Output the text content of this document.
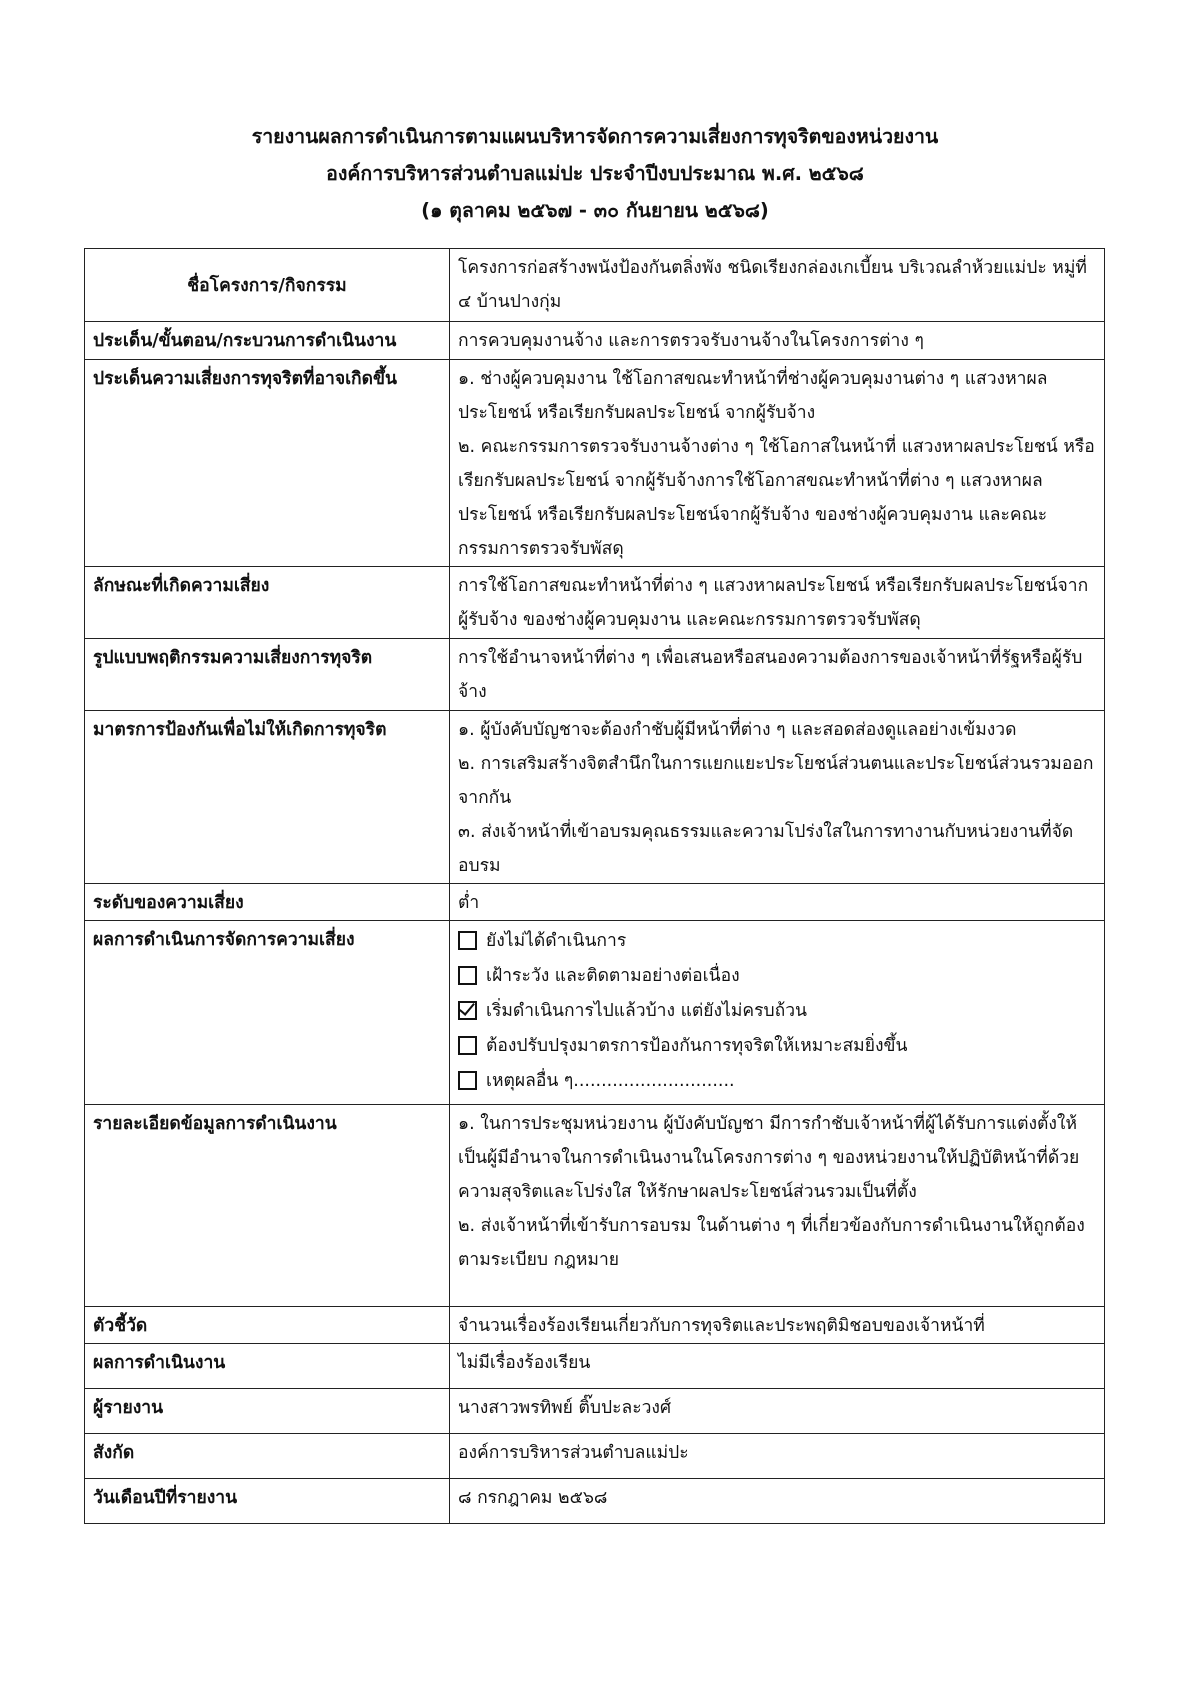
รายงานผลการดำเนินการตามแผนบริหารจัดการความเสี่ยงการทุจริตของหน่วยงาน

องค์การบริหารส่วนตำบลแม่ปะ ประจำปีงบประมาณ พ.ศ. ๒๕๖๘

(๑ ตุลาคม ๒๕๖๗ - ๓๐ กันยายน ๒๕๖๘)

ชื่อโครงการ/กิจกรรม	โครงการก่อสร้างพนังป้องกันตลิ่งพัง ชนิดเรียงกล่องเกเบี้ยน บริเวณลำห้วยแม่ปะ หมู่ที่ ๔ บ้านปางกุ่ม
ประเด็น/ขั้นตอน/กระบวนการดำเนินงาน	การควบคุมงานจ้าง และการตรวจรับงานจ้างในโครงการต่าง ๆ
ประเด็นความเสี่ยงการทุจริตที่อาจเกิดขึ้น	๑. ช่างผู้ควบคุมงาน ใช้โอกาสขณะทำหน้าที่ช่างผู้ควบคุมงานต่าง ๆ แสวงหาผลประโยชน์ หรือเรียกรับผลประโยชน์ จากผู้รับจ้าง
๒. คณะกรรมการตรวจรับงานจ้างต่าง ๆ ใช้โอกาสในหน้าที่ แสวงหาผลประโยชน์ หรือเรียกรับผลประโยชน์ จากผู้รับจ้างการใช้โอกาสขณะทำหน้าที่ต่าง ๆ แสวงหาผลประโยชน์ หรือเรียกรับผลประโยชน์จากผู้รับจ้าง ของช่างผู้ควบคุมงาน และคณะกรรมการตรวจรับพัสดุ

ลักษณะที่เกิดความเสี่ยง	การใช้โอกาสขณะทำหน้าที่ต่าง ๆ แสวงหาผลประโยชน์ หรือเรียกรับผลประโยชน์จากผู้รับจ้าง ของช่างผู้ควบคุมงาน และคณะกรรมการตรวจรับพัสดุ
รูปแบบพฤติกรรมความเสี่ยงการทุจริต	การใช้อำนาจหน้าที่ต่าง ๆ เพื่อเสนอหรือสนองความต้องการของเจ้าหน้าที่รัฐหรือผู้รับจ้าง
มาตรการป้องกันเพื่อไม่ให้เกิดการทุจริต	๑. ผู้บังคับบัญชาจะต้องกำชับผู้มีหน้าที่ต่าง ๆ และสอดส่องดูแลอย่างเข้มงวด
๒. การเสริมสร้างจิตสำนึกในการแยกแยะประโยชน์ส่วนตนและประโยชน์ส่วนรวมออกจากกัน
๓. ส่งเจ้าหน้าที่เข้าอบรมคุณธรรมและความโปร่งใสในการทางานกับหน่วยงานที่จัดอบรม

ระดับของความเสี่ยง	ต่ำ
ผลการดำเนินการจัดการความเสี่ยง	ยังไม่ได้ดำเนินการ
เฝ้าระวัง และติดตามอย่างต่อเนื่อง
เริ่มดำเนินการไปแล้วบ้าง แต่ยังไม่ครบถ้วน
ต้องปรับปรุงมาตรการป้องกันการทุจริตให้เหมาะสมยิ่งขึ้น
เหตุผลอื่น ๆ.............................

รายละเอียดข้อมูลการดำเนินงาน	๑. ในการประชุมหน่วยงาน ผู้บังคับบัญชา มีการกำชับเจ้าหน้าที่ผู้ได้รับการแต่งตั้งให้เป็นผู้มีอำนาจในการดำเนินงานในโครงการต่าง ๆ ของหน่วยงานให้ปฏิบัติหน้าที่ด้วยความสุจริตและโปร่งใส ให้รักษาผลประโยชน์ส่วนรวมเป็นที่ตั้ง
๒. ส่งเจ้าหน้าที่เข้ารับการอบรม ในด้านต่าง ๆ ที่เกี่ยวข้องกับการดำเนินงานให้ถูกต้องตามระเบียบ กฎหมาย

ตัวชี้วัด	จำนวนเรื่องร้องเรียนเกี่ยวกับการทุจริตและประพฤติมิชอบของเจ้าหน้าที่
ผลการดำเนินงาน	ไม่มีเรื่องร้องเรียน
ผู้รายงาน	นางสาวพรทิพย์ ติ๊บปะละวงศ์
สังกัด	องค์การบริหารส่วนตำบลแม่ปะ
วันเดือนปีที่รายงาน	๘ กรกฎาคม ๒๕๖๘
